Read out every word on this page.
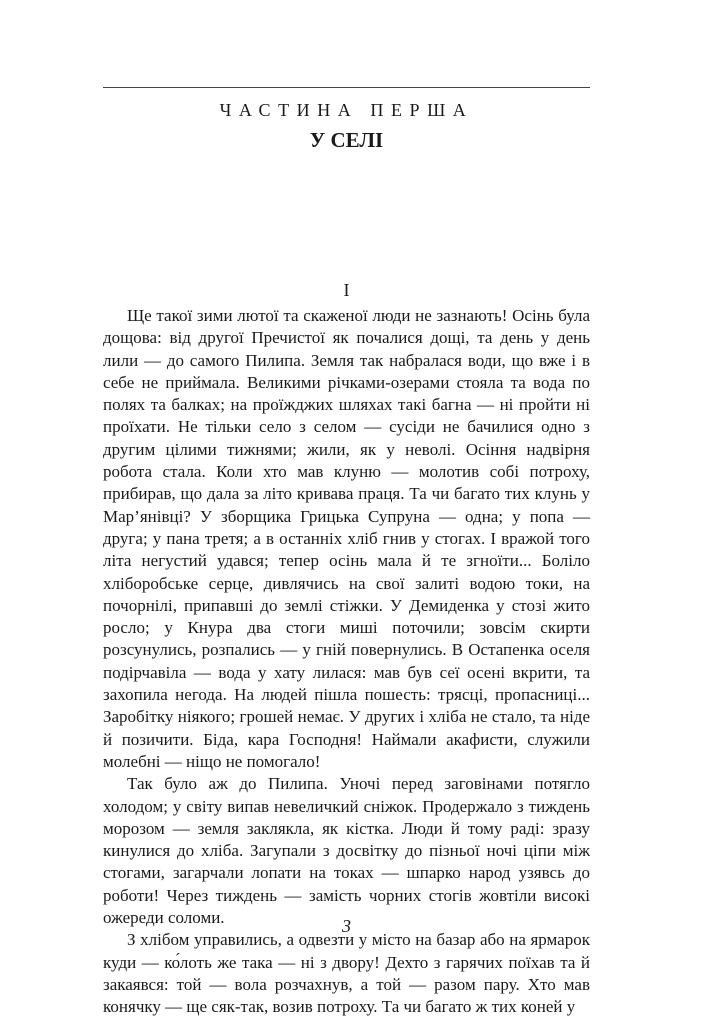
ЧАСТИНА ПЕРША
У СЕЛІ
I

Ще такої зими лютої та скаженої люди не зазнають! Осінь була дощова: від другої Пречистої як почалися дощі, та день у день лили — до самого Пилипа. Земля так набралася води, що вже і в себе не приймала. Великими річками-озерами стояла та вода по полях та балках; на проїжджих шляхах такі багна — ні пройти ні проїхати. Не тільки село з селом — сусіди не бачилися одно з другим цілими тижнями; жили, як у неволі. Осіння надвірня робота стала. Коли хто мав клуню — молотив собі потроху, прибирав, що дала за літо кривава праця. Та чи багато тих клунь у Мар’янівці? У зборщика Грицька Супруна — одна; у попа — друга; у пана третя; а в останніх хліб гнив у стогах. І вражой того літа негустий удався; тепер осінь мала й те згноїти... Боліло хліборобське серце, дивлячись на свої залиті водою токи, на почорнілі, припавші до землі стіжки. У Демиденка у стозі жито росло; у Кнура два стоги миші поточили; зовсім скирти розсунулись, розпались — у гній повернулись. В Остапенка оселя подірчавіла — вода у хату лилася: мав був сеї осені вкрити, та захопила негода. На людей пішла пошесть: трясці, пропасниці... Заробітку ніякого; грошей немає. У других і хліба не стало, та ніде й позичити. Біда, кара Господня! Наймали акафисти, служили молебні — ніщо не помогало!

Так було аж до Пилипа. Уночі перед заговінами потягло холодом; у світу випав невеличкий сніжок. Продержало з тиждень морозом — земля заклякла, як кістка. Люди й тому раді: зразу кинулися до хліба. Загупали з досвітку до пізньої ночі ціпи між стогами, загарчали лопати на токах — шпарко народ узявсь до роботи! Через тиждень — замість чорних стогів жовтіли високі ожереди соломи.

З хлібом управились, а одвезти у місто на базар або на ярмарок куди — ко́лоть же така — ні з двору! Дехто з гарячих поїхав та й закаявся: той — вола розчахнув, а той — разом пару. Хто мав конячку — ще сяк-так, возив потроху. Та чи багато ж тих коней у

3
